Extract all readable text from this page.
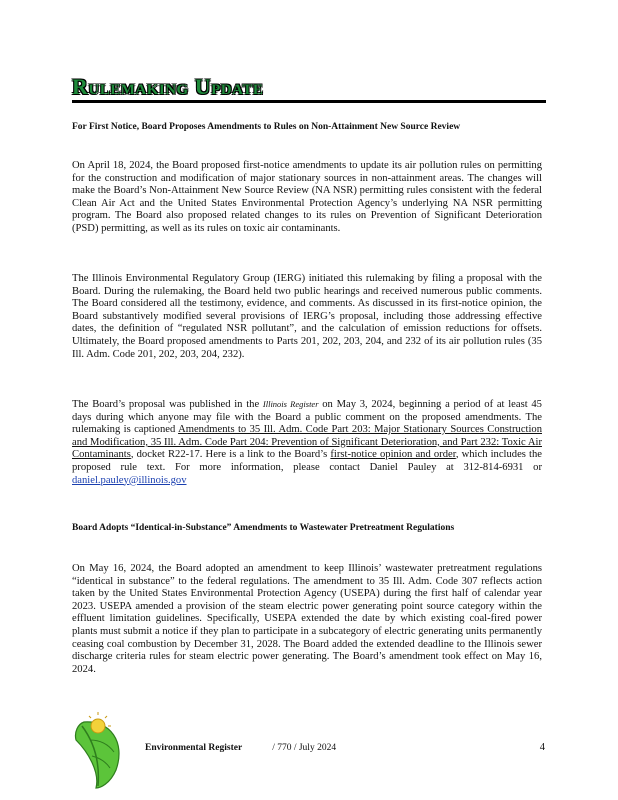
Rulemaking Update
For First Notice, Board Proposes Amendments to Rules on Non-Attainment New Source Review

On April 18, 2024, the Board proposed first-notice amendments to update its air pollution rules on permitting for the construction and modification of major stationary sources in non-attainment areas. The changes will make the Board’s Non-Attainment New Source Review (NA NSR) permitting rules consistent with the federal Clean Air Act and the United States Environmental Protection Agency’s underlying NA NSR permitting program. The Board also proposed related changes to its rules on Prevention of Significant Deterioration (PSD) permitting, as well as its rules on toxic air contaminants.

The Illinois Environmental Regulatory Group (IERG) initiated this rulemaking by filing a proposal with the Board. During the rulemaking, the Board held two public hearings and received numerous public comments. The Board considered all the testimony, evidence, and comments. As discussed in its first-notice opinion, the Board substantively modified several provisions of IERG’s proposal, including those addressing effective dates, the definition of “regulated NSR pollutant”, and the calculation of emission reductions for offsets. Ultimately, the Board proposed amendments to Parts 201, 202, 203, 204, and 232 of its air pollution rules (35 Ill. Adm. Code 201, 202, 203, 204, 232).

The Board’s proposal was published in the Illinois Register on May 3, 2024, beginning a period of at least 45 days during which anyone may file with the Board a public comment on the proposed amendments. The rulemaking is captioned Amendments to 35 Ill. Adm. Code Part 203: Major Stationary Sources Construction and Modification, 35 Ill. Adm. Code Part 204: Prevention of Significant Deterioration, and Part 232: Toxic Air Contaminants, docket R22-17. Here is a link to the Board’s first-notice opinion and order, which includes the proposed rule text. For more information, please contact Daniel Pauley at 312-814-6931 or daniel.pauley@illinois.gov

Board Adopts “Identical-in-Substance” Amendments to Wastewater Pretreatment Regulations

On May 16, 2024, the Board adopted an amendment to keep Illinois’ wastewater pretreatment regulations “identical in substance” to the federal regulations. The amendment to 35 Ill. Adm. Code 307 reflects action taken by the United States Environmental Protection Agency (USEPA) during the first half of calendar year 2023. USEPA amended a provision of the steam electric power generating point source category within the effluent limitation guidelines. Specifically, USEPA extended the date by which existing coal-fired power plants must submit a notice if they plan to participate in a subcategory of electric generating units permanently ceasing coal combustion by December 31, 2028. The Board added the extended deadline to the Illinois sewer discharge criteria rules for steam electric power generating. The Board’s amendment took effect on May 16, 2024.

Environmental Register	/ 770 / July 2024	4
